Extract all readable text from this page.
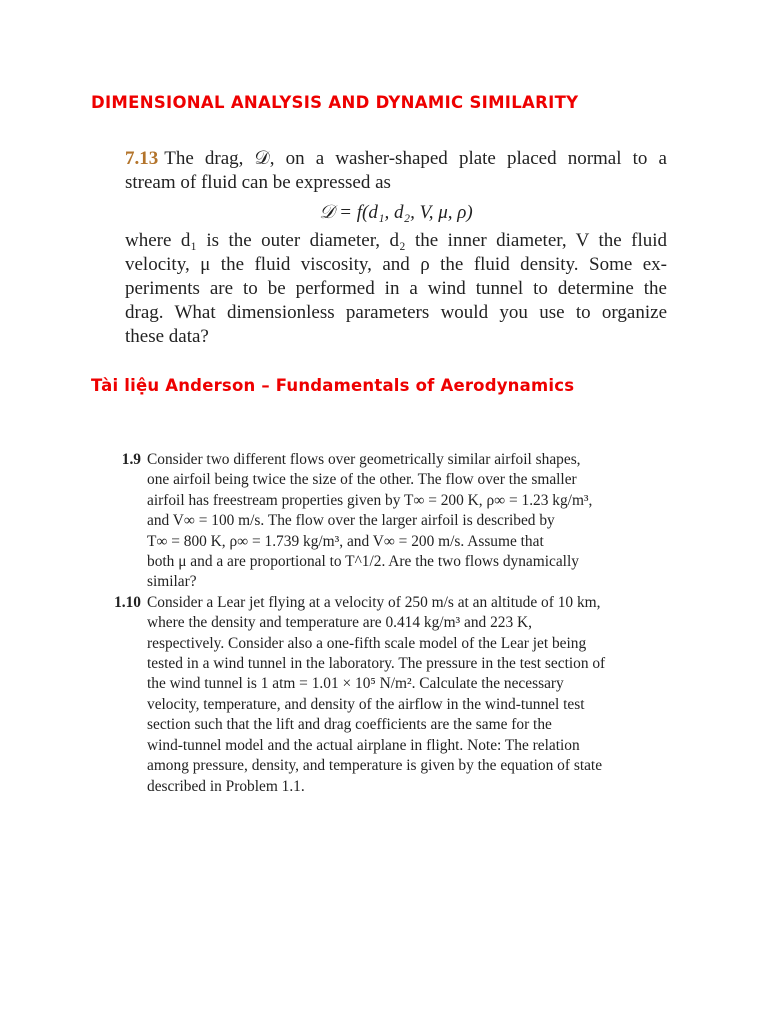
DIMENSIONAL ANALYSIS AND DYNAMIC SIMILARITY
7.13 The drag, 𝒟, on a washer-shaped plate placed normal to a
stream of fluid can be expressed as
𝒟 = f(d₁, d₂, V, μ, ρ)
where d₁ is the outer diameter, d₂ the inner diameter, V the fluid
velocity, μ the fluid viscosity, and ρ the fluid density. Some ex-
periments are to be performed in a wind tunnel to determine the
drag. What dimensionless parameters would you use to organize
these data?
Tài liệu Anderson – Fundamentals of Aerodynamics
1.9 Consider two different flows over geometrically similar airfoil shapes,
one airfoil being twice the size of the other. The flow over the smaller
airfoil has freestream properties given by T∞ = 200 K, ρ∞ = 1.23 kg/m³,
and V∞ = 100 m/s. The flow over the larger airfoil is described by
T∞ = 800 K, ρ∞ = 1.739 kg/m³, and V∞ = 200 m/s. Assume that
both μ and a are proportional to T^1/2. Are the two flows dynamically
similar?
1.10 Consider a Lear jet flying at a velocity of 250 m/s at an altitude of 10 km,
where the density and temperature are 0.414 kg/m³ and 223 K,
respectively. Consider also a one-fifth scale model of the Lear jet being
tested in a wind tunnel in the laboratory. The pressure in the test section of
the wind tunnel is 1 atm = 1.01 × 10⁵ N/m². Calculate the necessary
velocity, temperature, and density of the airflow in the wind-tunnel test
section such that the lift and drag coefficients are the same for the
wind-tunnel model and the actual airplane in flight. Note: The relation
among pressure, density, and temperature is given by the equation of state
described in Problem 1.1.
